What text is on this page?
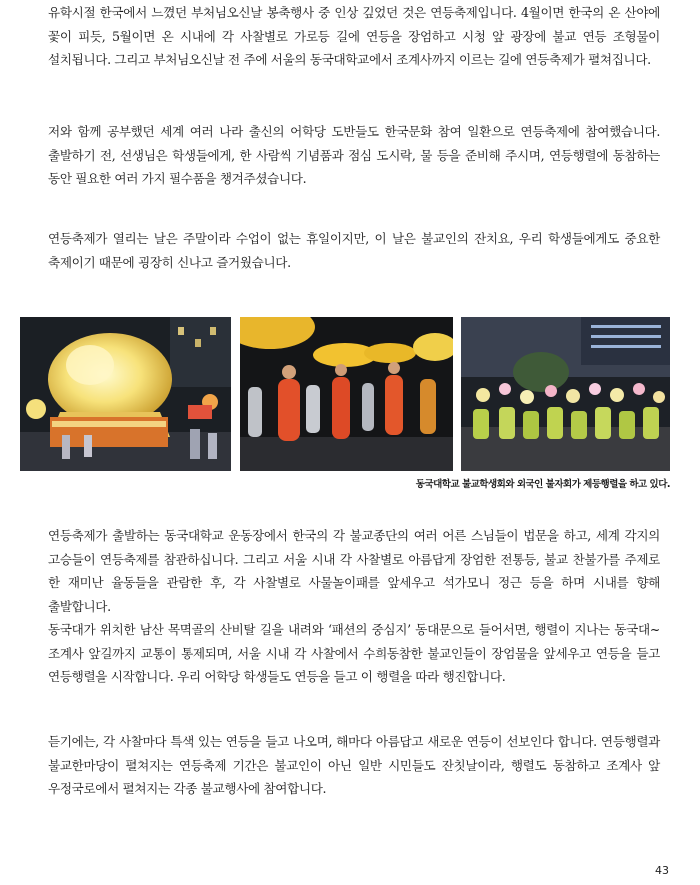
유학시절 한국에서 느꼈던 부처님오신날 봉축행사 중 인상 깊었던 것은 연등축제입니다. 4월이면 한국의 온 산야에 꽃이 피듯, 5월이면 온 시내에 각 사찰별로 가로등 길에 연등을 장엄하고 시청 앞 광장에 불교 연등 조형물이 설치됩니다. 그리고 부처님오신날 전 주에 서울의 동국대학교에서 조계사까지 이르는 길에 연등축제가 펼쳐집니다.

저와 함께 공부했던 세계 여러 나라 출신의 어학당 도반들도 한국문화 참여 일환으로 연등축제에 참여했습니다. 출발하기 전, 선생님은 학생들에게, 한 사람씩 기념품과 점심 도시락, 물 등을 준비해 주시며, 연등행렬에 동참하는 동안 필요한 여러 가지 필수품을 챙겨주셨습니다.

연등축제가 열리는 날은 주말이라 수업이 없는 휴일이지만, 이 날은 불교인의 잔치요, 우리 학생들에게도 중요한 축제이기 때문에 굉장히 신나고 즐거웠습니다.

동국대학교 불교학생회와 외국인 불자회가 제등행렬을 하고 있다.

연등축제가 출발하는 동국대학교 운동장에서 한국의 각 불교종단의 여러 어른 스님들이 법문을 하고, 세계 각지의 고승들이 연등축제를 참관하십니다. 그리고 서울 시내 각 사찰별로 아름답게 장엄한 전통등, 불교 찬불가를 주제로 한 재미난 율동들을 관람한 후, 각 사찰별로 사물놀이패를 앞세우고 석가모니 정근 등을 하며 시내를 향해 출발합니다.
동국대가 위치한 남산 목멱골의 산비탈 길을 내려와 ‘패션의 중심지’ 동대문으로 들어서면, 행렬이 지나는 동국대~조계사 앞길까지 교통이 통제되며, 서울 시내 각 사찰에서 수희동참한 불교인들이 장엄물을 앞세우고 연등을 들고 연등행렬을 시작합니다. 우리 어학당 학생들도 연등을 들고 이 행렬을 따라 행진합니다.

듣기에는, 각 사찰마다 특색 있는 연등을 들고 나오며, 해마다 아름답고 새로운 연등이 선보인다 합니다. 연등행렬과 불교한마당이 펼쳐지는 연등축제 기간은 불교인이 아닌 일반 시민들도 잔칫날이라, 행렬도 동참하고 조계사 앞 우정국로에서 펼쳐지는 각종 불교행사에 참여합니다.

43
